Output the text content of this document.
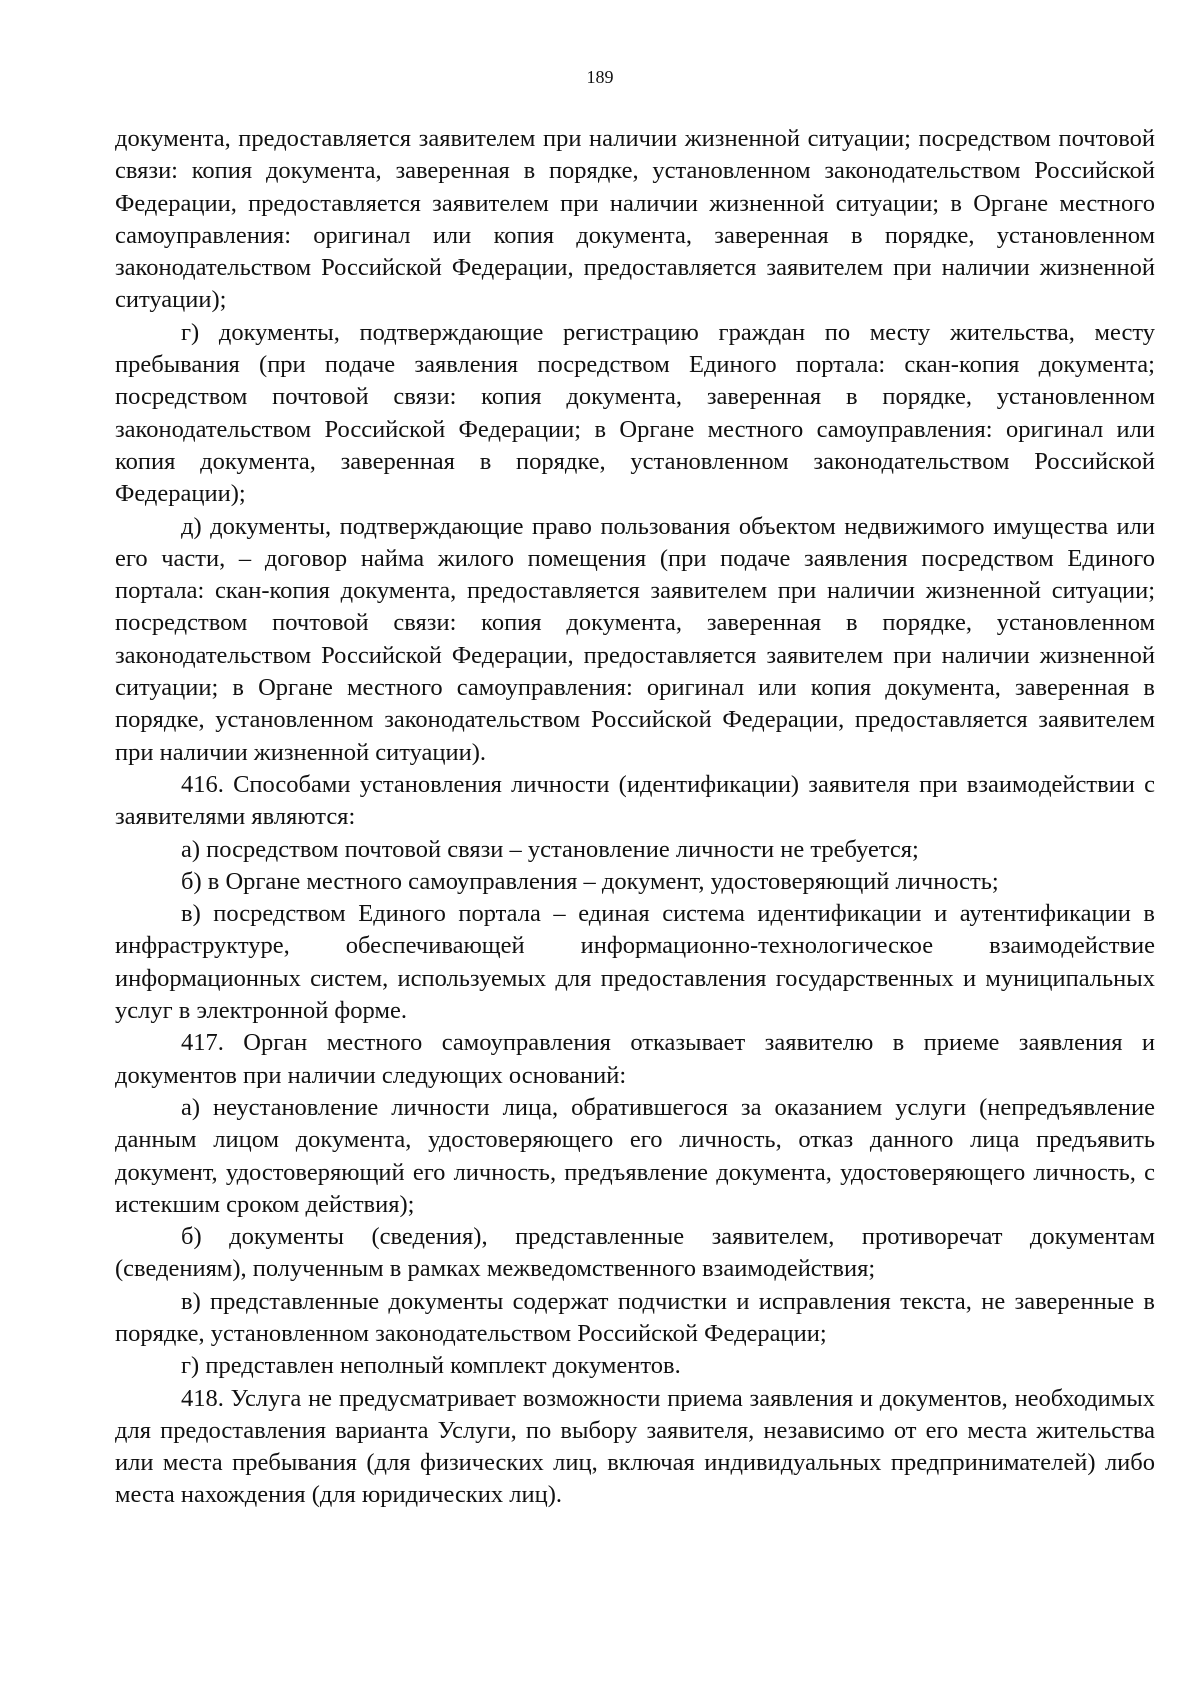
189

документа, предоставляется заявителем при наличии жизненной ситуации; посредством почтовой связи: копия документа, заверенная в порядке, установленном законодательством Российской Федерации, предоставляется заявителем при наличии жизненной ситуации; в Органе местного самоуправления: оригинал или копия документа, заверенная в порядке, установленном законодательством Российской Федерации, предоставляется заявителем при наличии жизненной ситуации);

г) документы, подтверждающие регистрацию граждан по месту жительства, месту пребывания (при подаче заявления посредством Единого портала: скан-копия документа; посредством почтовой связи: копия документа, заверенная в порядке, установленном законодательством Российской Федерации; в Органе местного самоуправления: оригинал или копия документа, заверенная в порядке, установленном законодательством Российской Федерации);

д) документы, подтверждающие право пользования объектом недвижимого имущества или его части, – договор найма жилого помещения (при подаче заявления посредством Единого портала: скан-копия документа, предоставляется заявителем при наличии жизненной ситуации; посредством почтовой связи: копия документа, заверенная в порядке, установленном законодательством Российской Федерации, предоставляется заявителем при наличии жизненной ситуации; в Органе местного самоуправления: оригинал или копия документа, заверенная в порядке, установленном законодательством Российской Федерации, предоставляется заявителем при наличии жизненной ситуации).

416. Способами установления личности (идентификации) заявителя при взаимодействии с заявителями являются:

а) посредством почтовой связи – установление личности не требуется;

б) в Органе местного самоуправления – документ, удостоверяющий личность;

в) посредством Единого портала – единая система идентификации и аутентификации в инфраструктуре, обеспечивающей информационно-технологическое взаимодействие информационных систем, используемых для предоставления государственных и муниципальных услуг в электронной форме.

417. Орган местного самоуправления отказывает заявителю в приеме заявления и документов при наличии следующих оснований:

а) неустановление личности лица, обратившегося за оказанием услуги (непредъявление данным лицом документа, удостоверяющего его личность, отказ данного лица предъявить документ, удостоверяющий его личность, предъявление документа, удостоверяющего личность, с истекшим сроком действия);

б) документы (сведения), представленные заявителем, противоречат документам (сведениям), полученным в рамках межведомственного взаимодействия;

в) представленные документы содержат подчистки и исправления текста, не заверенные в порядке, установленном законодательством Российской Федерации;

г) представлен неполный комплект документов.

418. Услуга не предусматривает возможности приема заявления и документов, необходимых для предоставления варианта Услуги, по выбору заявителя, независимо от его места жительства или места пребывания (для физических лиц, включая индивидуальных предпринимателей) либо места нахождения (для юридических лиц).
